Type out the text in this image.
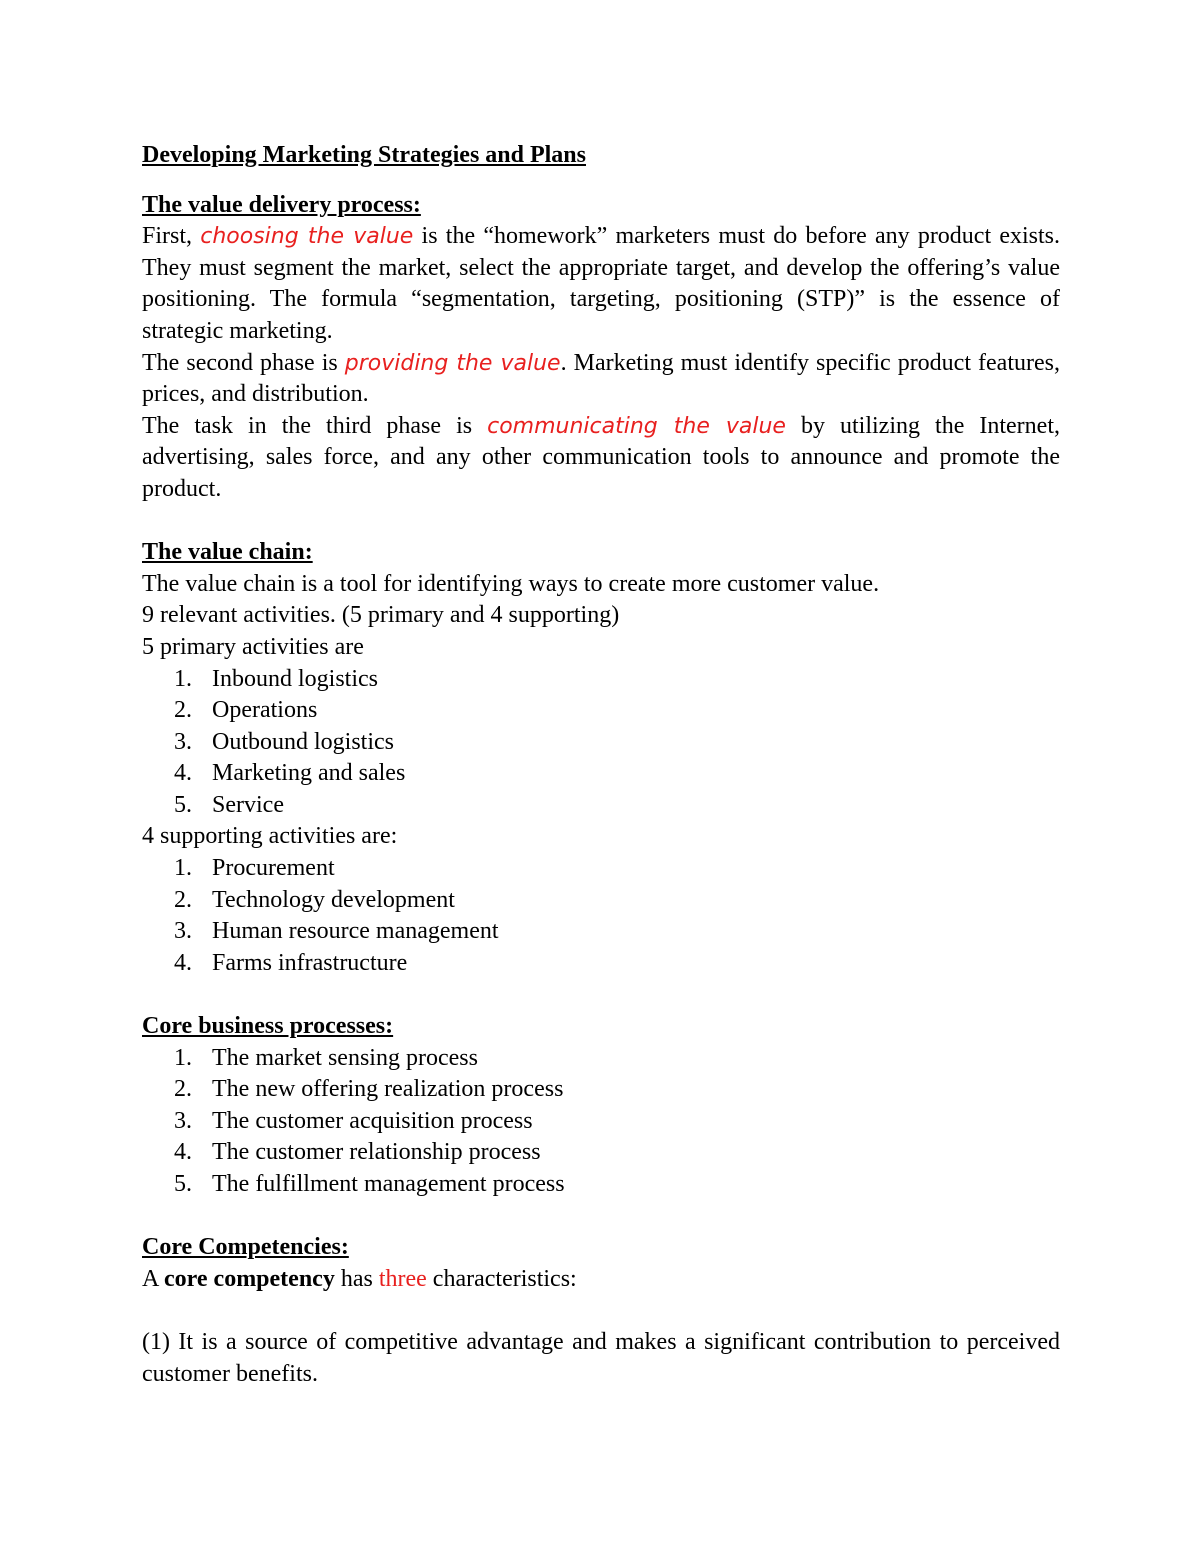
Developing Marketing Strategies and Plans

The value delivery process:

First, choosing the value is the “homework” marketers must do before any product exists. They must segment the market, select the appropriate target, and develop the offering’s value positioning. The formula “segmentation, targeting, positioning (STP)” is the essence of strategic marketing.

The second phase is providing the value. Marketing must identify specific product features, prices, and distribution.

The task in the third phase is communicating the value by utilizing the Internet, advertising, sales force, and any other communication tools to announce and promote the product.

The value chain:

The value chain is a tool for identifying ways to create more customer value.

9 relevant activities. (5 primary and 4 supporting)

5 primary activities are

1. Inbound logistics
2. Operations
3. Outbound logistics
4. Marketing and sales
5. Service

4 supporting activities are:

1. Procurement
2. Technology development
3. Human resource management
4. Farms infrastructure

Core business processes:

1. The market sensing process
2. The new offering realization process
3. The customer acquisition process
4. The customer relationship process
5. The fulfillment management process

Core Competencies:

A core competency has three characteristics:

(1) It is a source of competitive advantage and makes a significant contribution to perceived customer benefits.
